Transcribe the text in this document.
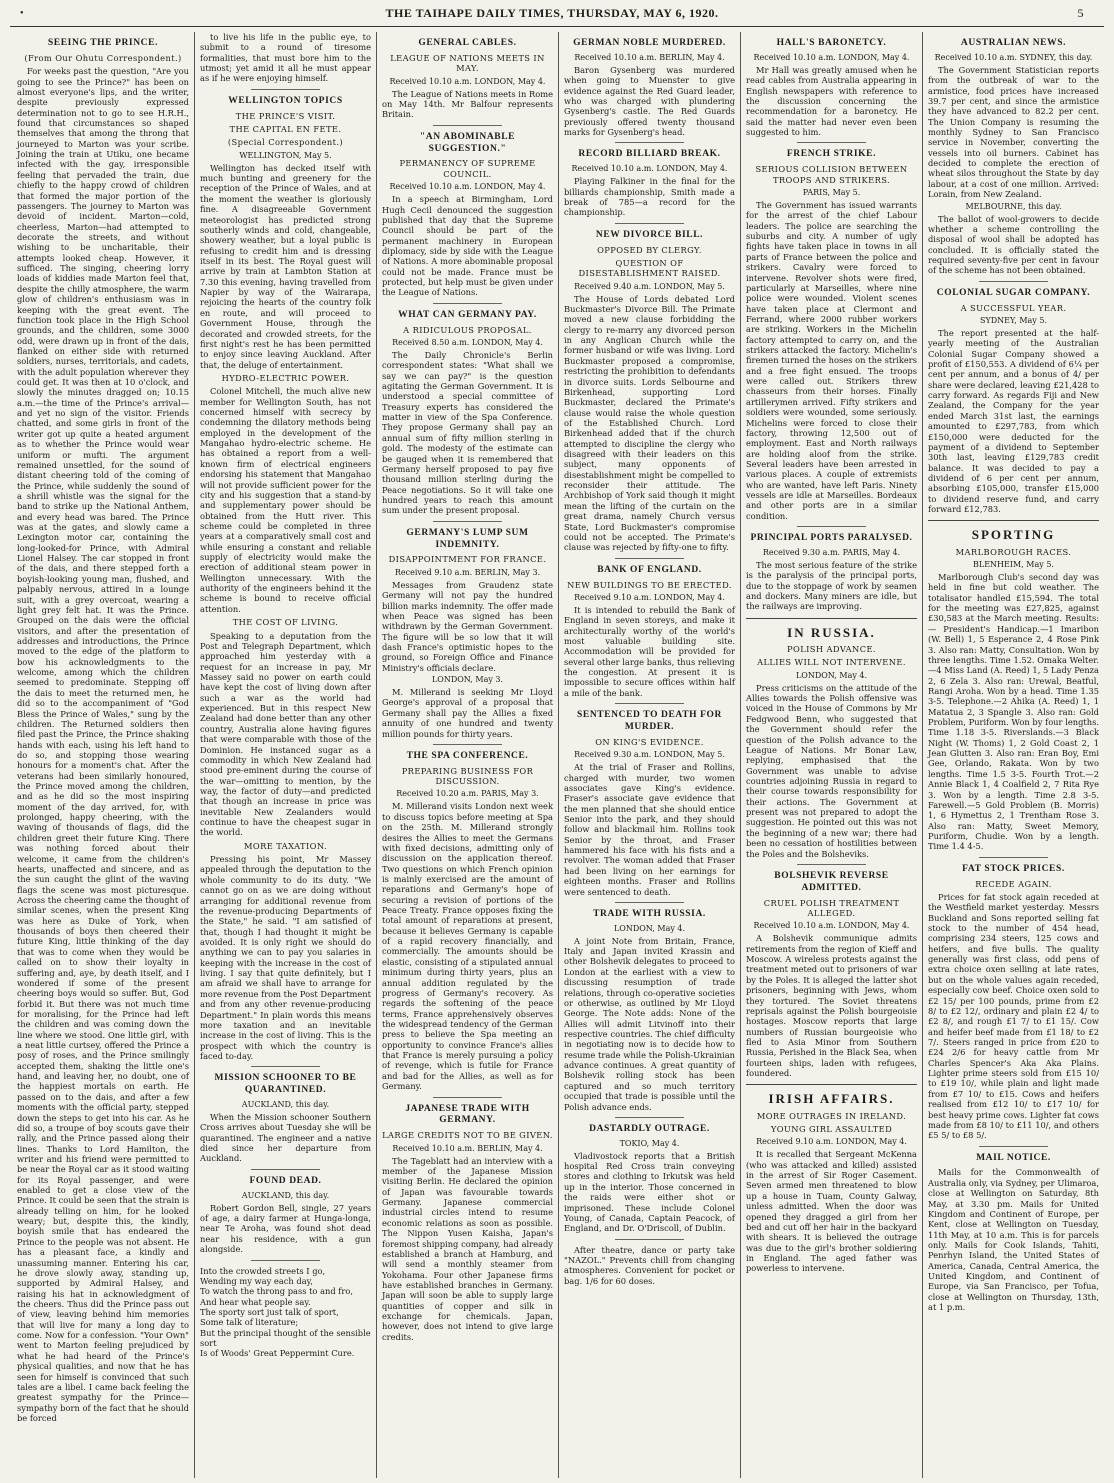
•	THE TAIHAPE DAILY TIMES, THURSDAY, MAY 6, 1920.	5
SEEING THE PRINCE.
(From Our Ohutu Correspondent.)

For weeks past the question, "Are you going to see the Prince?" has been on almost everyone's lips, and the writer, despite previously expressed determination not to go to see H.R.H., found that circumstances so shaped themselves that among the throng that journeyed to Marton was your scribe. Joining the train at Utiku, one became infected with the gay, irresponsible feeling that pervaded the train, due chiefly to the happy crowd of children that formed the major portion of the passengers. The journey to Marton was devoid of incident. Marton—cold, cheerless, Marton—had attempted to decorate the streets, and without wishing to be uncharitable, their attempts looked cheap. However, it sufficed. The singing, cheering lorry loads of kiddies made Marton feel that, despite the chilly atmosphere, the warm glow of children's enthusiasm was in keeping with the great event. The function took place in the High School grounds, and the children, some 3000 odd, were drawn up in front of the dais, flanked on either side with returned soldiers, nurses, territorials, and cadets, with the adult population wherever they could get. It was then at 10 o'clock, and slowly the minutes dragged on; 10.15 a.m.—the time of the Prince's arrival—and yet no sign of the visitor. Friends chatted, and some girls in front of the writer got up quite a heated argument as to whether the Prince would wear uniform or mufti. The argument remained unsettled, for the sound of distant cheering told of the coming of the Prince, while suddenly the sound of a shrill whistle was the signal for the band to strike up the National Anthem, and every head was bared. The Prince was at the gates, and slowly came a Lexington motor car, containing the long-looked-for Prince, with Admiral Lionel Halsey. The car stopped in front of the dais, and there stepped forth a boyish-looking young man, flushed, and palpably nervous, attired in a lounge suit, with a grey overcoat, wearing a light grey felt hat. It was the Prince. Grouped on the dais were the official visitors, and after the presentation of addresses and introductions, the Prince moved to the edge of the platform to bow his acknowledgments to the welcome, among which the children seemed to predominate. Stepping off the dais to meet the returned men, he did so to the accompaniment of "God Bless the Prince of Wales," sung by the children. The Returned soldiers then filed past the Prince, the Prince shaking hands with each, using his left hand to do so, and stopping those wearing honours for a moment's chat. After the veterans had been similarly honoured, the Prince moved among the children, and as he did so the most inspiring moment of the day arrived, for, with prolonged, happy cheering, with the waving of thousands of flags, did the children greet their future King. There was nothing forced about their welcome, it came from the children's hearts, unaffected and sincere, and as the sun caught the glint of the waving flags the scene was most picturesque. Across the cheering came the thought of similar scenes, when the present King was here as Duke of York, when thousands of boys then cheered their future King, little thinking of the day that was to come when they would be called on to show their loyalty in suffering and, aye, by death itself, and I wondered if some of the present cheering boys would so suffer. But, God forbid it. But there was not much time for moralising, for the Prince had left the children and was coming down the line where we stood. One little girl, with a neat little curtsey, offered the Prince a posy of roses, and the Prince smilingly accepted them, shaking the little one's hand, and leaving her, no doubt, one of the happiest mortals on earth. He passed on to the dais, and after a few moments with the official party, stepped down the steps to get into his car. As he did so, a troupe of boy scouts gave their rally, and the Prince passed along their lines. Thanks to Lord Hamilton, the writer and his friend were permitted to be near the Royal car as it stood waiting for its Royal passenger, and were enabled to get a close view of the Prince. It could be seen that the strain is already telling on him, for he looked weary; but, despite this, the kindly, boyish smile that has endeared the Prince to the people was not absent. He has a pleasant face, a kindly and unassuming manner. Entering his car, he drove slowly away, standing up, supported by Admiral Halsey, and raising his hat in acknowledgment of the cheers. Thus did the Prince pass out of view, leaving behind him memories that will live for many a long day to come. Now for a confession. "Your Own" went to Marton feeling prejudiced by what he had heard of the Prince's physical qualities, and now that he has seen for himself is convinced that such tales are a libel. I came back feeling the greatest sympathy for the Prince—sympathy born of the fact that he should be forced

to live his life in the public eye, to submit to a round of tiresome formalities, that must bore him to the utmost; yet amid it all he must appear as if he were enjoying himself.

WELLINGTON TOPICS
THE PRINCE'S VISIT.
THE CAPITAL EN FETE.
(Special Correspondent.)
WELLINGTON, May 5.

Wellington has decked itself with much bunting and greenery for the reception of the Prince of Wales, and at the moment the weather is gloriously fine. A disagreeable Government meteorologist has predicted strong southerly winds and cold, changeable, showery weather, but a loyal public is refusing to credit him and is dressing itself in its best. The Royal guest will arrive by train at Lambton Station at 7.30 this evening, having travelled from Napier by way of the Wairarapa, rejoicing the hearts of the country folk en route, and will proceed to Government House, through the decorated and crowded streets, for the first night's rest he has been permitted to enjoy since leaving Auckland. After that, the deluge of entertainment.

HYDRO-ELECTRIC POWER.

Colonel Mitchell, the much alive new member for Wellington South, has not concerned himself with secrecy by condemning the dilatory methods being employed in the development of the Mangahao hydro-electric scheme. He has obtained a report from a well-known firm of electrical engineers endorsing his statement that Mangahao will not provide sufficient power for the city and his suggestion that a stand-by and supplementary power should be obtained from the Hutt river. This scheme could be completed in three years at a comparatively small cost and while ensuring a constant and reliable supply of electricity would make the erection of additional steam power in Wellington unnecessary. With the authority of the engineers behind it the scheme is bound to receive official attention.

THE COST OF LIVING.

Speaking to a deputation from the Post and Telegraph Department, which approached him yesterday with a request for an increase in pay, Mr Massey said no power on earth could have kept the cost of living down after such a war as the world had experienced. But in this respect New Zealand had done better than any other country, Australia alone having figures that were comparable with those of the Dominion. He instanced sugar as a commodity in which New Zealand had stood pre-eminent during the course of the war—omitting to mention, by the way, the factor of duty—and predicted that though an increase in price was inevitable New Zealanders would continue to have the cheapest sugar in the world.

MORE TAXATION.

Pressing his point, Mr Massey appealed through the deputation to the whole community to do its duty. "We cannot go on as we are doing without arranging for additional revenue from the revenue-producing Departments of the State," he said. "I am satisfied of that, though I had thought it might be avoided. It is only right we should do anything we can to pay you salaries in keeping with the increase in the cost of living. I say that quite definitely, but I am afraid we shall have to arrange for more revenue from the Post Department and from any other revenue-producing Department." In plain words this means more taxation and an inevitable increase in the cost of living. This is the prospect with which the country is faced to-day.

MISSION SCHOONER TO BE QUARANTINED.
AUCKLAND, this day.

When the Mission schooner Southern Cross arrives about Tuesday she will be quarantined. The engineer and a native died since her departure from Auckland.

FOUND DEAD.
AUCKLAND, this day.

Robert Gordon Bell, single, 27 years of age, a dairy farmer at Hunga-longa, near Te Aroha, was found shot dead near his residence, with a gun alongside.

Into the crowded streets I go,

Wending my way each day,

To watch the throng pass to and fro,

And hear what people say.

The sporty sort just talk of sport,

Some talk of literature;

But the principal thought of the sensible sort

Is of Woods' Great Peppermint Cure.

GENERAL CABLES.
LEAGUE OF NATIONS MEETS IN MAY.
Received 10.10 a.m. LONDON, May 4.

The League of Nations meets in Rome on May 14th. Mr Balfour represents Britain.

"AN ABOMINABLE SUGGESTION."
PERMANENCY OF SUPREME COUNCIL.
Received 10.10 a.m. LONDON, May 4.

In a speech at Birmingham, Lord Hugh Cecil denounced the suggestion published that day that the Supreme Council should be part of the permanent machinery in European diplomacy, side by side with the League of Nations. A more abominable proposal could not be made. France must be protected, but help must be given under the League of Nations.

WHAT CAN GERMANY PAY.
A RIDICULOUS PROPOSAL.
Received 8.50 a.m. LONDON, May 4.

The Daily Chronicle's Berlin correspondent states: "What shall we say we can pay?" is the question agitating the German Government. It is understood a special committee of Treasury experts has considered the matter in view of the Spa Conference. They propose Germany shall pay an annual sum of fifty million sterling in gold. The modesty of the estimate can be gauged when it is remembered that Germany herself proposed to pay five thousand million sterling during the Peace negotiations. So it will take one hundred years to reach this amount sum under the present proposal.

GERMANY'S LUMP SUM INDEMNITY.
DISAPPOINTMENT FOR FRANCE.
Received 9.10 a.m. BERLIN, May 3.

Messages from Graudenz state Germany will not pay the hundred billion marks indemnity. The offer made when Peace was signed has been withdrawn by the German Government. The figure will be so low that it will dash France's optimistic hopes to the ground, so Foreign Office and Finance Ministry's officials declare.

LONDON, May 3.

M. Millerand is seeking Mr Lloyd George's approval of a proposal that Germany shall pay the Allies a fixed annuity of one hundred and twenty million pounds for thirty years.

THE SPA CONFERENCE.
PREPARING BUSINESS FOR DISCUSSION.
Received 10.20 a.m. PARIS, May 3.

M. Millerand visits London next week to discuss topics before meeting at Spa on the 25th. M. Millerand strongly desires the Allies to meet the Germans with fixed decisions, admitting only of discussion on the application thereof. Two questions on which French opinion is mainly exercised are the amount of reparations and Germany's hope of securing a revision of portions of the Peace Treaty. France opposes fixing the total amount of reparations at present, because it believes Germany is capable of a rapid recovery financially, and commercially. The amounts should be elastic, consisting of a stipulated annual minimum during thirty years, plus an annual addition regulated by the progress of Germany's recovery. As regards the softening of the peace terms, France apprehensively observes the widespread tendency of the German press to believe the Spa meeting an opportunity to convince France's allies that France is merely pursuing a policy of revenge, which is futile for France and bad for the Allies, as well as for Germany.

JAPANESE TRADE WITH GERMANY.
LARGE CREDITS NOT TO BE GIVEN.
Received 10.10 a.m. BERLIN, May 4.

The Tageblatt had an interview with a member of the Japanese Mission visiting Berlin. He declared the opinion of Japan was favourable towards Germany. Japanese commercial industrial circles intend to resume economic relations as soon as possible. The Nippon Yusen Kaisha, Japan's foremost shipping company, had already established a branch at Hamburg, and will send a monthly steamer from Yokohama. Four other Japanese firms have established branches in Germany. Japan will soon be able to supply large quantities of copper and silk in exchange for chemicals. Japan, however, does not intend to give large credits.

GERMAN NOBLE MURDERED.
Received 10.10 a.m. BERLIN, May 4.

Baron Gysenberg was murdered when going to Muenster to give evidence against the Red Guard leader, who was charged with plundering Gysenberg's castle. The Red Guards previously offered twenty thousand marks for Gysenberg's head.

RECORD BILLIARD BREAK.
Received 10.10 a.m. LONDON, May 4.

Playing Falkiner in the final for the billiards championship, Smith made a break of 785—a record for the championship.

NEW DIVORCE BILL.
OPPOSED BY CLERGY.
QUESTION OF DISESTABLISHMENT RAISED.
Received 9.40 a.m. LONDON, May 5.

The House of Lords debated Lord Buckmaster's Divorce Bill. The Primate moved a new clause forbidding the clergy to re-marry any divorced person in any Anglican Church while the former husband or wife was living. Lord Buckmaster proposed a compromise, restricting the prohibition to defendants in divorce suits. Lords Selbourne and Birkenhead, supporting Lord Buckmaster, declared the Primate's clause would raise the whole question of the Established Church. Lord Birkenhead added that if the church attempted to discipline the clergy who disagreed with their leaders on this subject, many opponents of disestablishment might be compelled to reconsider their attitude. The Archbishop of York said though it might mean the lifting of the curtain on the great drama, namely Church versus State, Lord Buckmaster's compromise could not be accepted. The Primate's clause was rejected by fifty-one to fifty.

BANK OF ENGLAND.
NEW BUILDINGS TO BE ERECTED.
Received 9.10 a.m. LONDON, May 4.

It is intended to rebuild the Bank of England in seven storeys, and make it architecturally worthy of the world's most valuable building site. Accommodation will be provided for several other large banks, thus relieving the congestion. At present it is impossible to secure offices within half a mile of the bank.

SENTENCED TO DEATH FOR MURDER.
ON KING'S EVIDENCE.
Received 9.30 a.m. LONDON, May 5.

At the trial of Fraser and Rollins, charged with murder, two women associates gave King's evidence. Fraser's associate gave evidence that the men planned that she should entice Senior into the park, and they should follow and blackmail him. Rollins took Senior by the throat, and Fraser hammered his face with his fists and a revolver. The woman added that Fraser had been living on her earnings for eighteen months. Fraser and Rollins were sentenced to death.

TRADE WITH RUSSIA.
LONDON, May 4.

A joint Note from Britain, France, Italy and Japan invited Krassin and other Bolshevik delegates to proceed to London at the earliest with a view to discussing resumption of trade relations, through co-operative societies or otherwise, as outlined by Mr Lloyd George. The Note adds: None of the Allies will admit Litvinoff into their respective countries. The chief difficulty in negotiating now is to decide how to resume trade while the Polish-Ukrainian advance continues. A great quantity of Bolshevik rolling stock has been captured and so much territory occupied that trade is possible until the Polish advance ends.

DASTARDLY OUTRAGE.
TOKIO, May 4.

Vladivostock reports that a British hospital Red Cross train conveying stores and clothing to Irkutsk was held up in the interior. Those concerned in the raids were either shot or imprisoned. These include Colonel Young, of Canada, Captain Peacock, of England, and Dr. O'Driscoll, of Dublin.

After theatre, dance or party take "NAZOL." Prevents chill from changing atmospheres. Convenient for pocket or bag. 1/6 for 60 doses.

HALL'S BARONETCY.
Received 10.10 a.m. LONDON, May 4.

Mr Hall was greatly amused when he read cables from Australia appearing in English newspapers with reference to the discussion concerning the recommendation for a baronetcy. He said the matter had never even been suggested to him.

FRENCH STRIKE.
SERIOUS COLLISION BETWEEN TROOPS AND STRIKERS.
PARIS, May 5.

The Government has issued warrants for the arrest of the chief Labour leaders. The police are searching the suburbs and city. A number of ugly fights have taken place in towns in all parts of France between the police and strikers. Cavalry were forced to intervene. Revolver shots were fired, particularly at Marseilles, where nine police were wounded. Violent scenes have taken place at Clermont and Ferrand, where 2000 rubber workers are striking. Workers in the Michelin factory attempted to carry on, and the strikers attacked the factory. Michelin's firemen turned the hoses on the strikers and a free fight ensued. The troops were called out. Strikers threw chasseurs from their horses. Finally artillerymen arrived. Fifty strikers and soldiers were wounded, some seriously. Michelins were forced to close their factory, throwing 12,500 out of employment. East and North railways are holding aloof from the strike. Several leaders have been arrested in various places. A couple of extremists who are wanted, have left Paris. Ninety vessels are idle at Marseilles. Bordeaux and other ports are in a similar condition.

PRINCIPAL PORTS PARALYSED.
Received 9.30 a.m. PARIS, May 4.

The most serious feature of the strike is the paralysis of the principal ports, due to the stoppage of work by seamen and dockers. Many miners are idle, but the railways are improving.

IN RUSSIA.
POLISH ADVANCE.
ALLIES WILL NOT INTERVENE.
LONDON, May 4.

Press criticisms on the attitude of the Allies towards the Polish offensive was voiced in the House of Commons by Mr Fedgwood Benn, who suggested that the Government should refer the question of the Polish advance to the League of Nations. Mr Bonar Law, replying, emphasised that the Government was unable to advise countries adjoining Russia in regard to their course towards responsibility for their actions. The Government at present was not prepared to adopt the suggestion. He pointed out this was not the beginning of a new war; there had been no cessation of hostilities between the Poles and the Bolsheviks.

BOLSHEVIK REVERSE ADMITTED.
CRUEL POLISH TREATMENT ALLEGED.
Received 10.10 a.m. LONDON, May 4.

A Bolshevik communique admits retirements from the region of Kieff and Moscow. A wireless protests against the treatment meted out to prisoners of war by the Poles. It is alleged the latter shot prisoners, beginning with Jews, whom they tortured. The Soviet threatens reprisals against the Polish bourgeoisie hostages. Moscow reports that large numbers of Russian bourgeoisie who fled to Asia Minor from Southern Russia, Perished in the Black Sea, when fourteen ships, laden with refugees, foundered.

IRISH AFFAIRS.
MORE OUTRAGES IN IRELAND.
YOUNG GIRL ASSAULTED
Received 9.10 a.m. LONDON, May 4.

It is recalled that Sergeant McKenna (who was attacked and killed) assisted in the arrest of Sir Roger Casement. Seven armed men threatened to blow up a house in Tuam, County Galway, unless admitted. When the door was opened they dragged a girl from her bed and cut off her hair in the backyard with shears. It is believed the outrage was due to the girl's brother soldiering in England. The aged father was powerless to intervene.

AUSTRALIAN NEWS.
Received 10.10 a.m. SYDNEY, this day.

The Government Statistician reports from the outbreak of war to the armistice, food prices have increased 39.7 per cent, and since the armistice they have advanced to 82.2 per cent. The Union Company is resuming the monthly Sydney to San Francisco service in November, converting the vessels into oil burners. Cabinet has decided to complete the erection of wheat silos throughout the State by day labour, at a cost of one million. Arrived: Lorain, from New Zealand.

MELBOURNE, this day.

The ballot of wool-growers to decide whether a scheme controlling the disposal of wool shall be adopted has concluded. It is officially stated the required seventy-five per cent in favour of the scheme has not been obtained.

COLONIAL SUGAR COMPANY.
A SUCCESSFUL YEAR.
SYDNEY, May 5.

The report presented at the half-yearly meeting of the Australian Colonial Sugar Company showed a profit of £150,553. A dividend of 6¼ per cent per annum, and a bonus of 4/ per share were declared, leaving £21,428 to carry forward. As regards Fiji and New Zealand, the Company for the year ended March 31st last, the earnings amounted to £297,783, from which £150,000 were deducted for the payment of a dividend to September 30th last, leaving £129,783 credit balance. It was decided to pay a dividend of 6 per cent per annum, absorbing £105,000, transfer £15,000 to dividend reserve fund, and carry forward £12,783.

SPORTING
MARLBOROUGH RACES.
BLENHEIM, May 5.

Marlborough Club's second day was held in fine but cold weather. The totalisator handled £15,594. The total for the meeting was £27,825, against £30,583 at the March meeting. Results:— President's Handicap.—1 Imaribon (W. Bell) 1, 5 Esperance 2, 4 Rose Pink 3. Also ran: Matty, Consultation. Won by three lengths. Time 1.52. Omaka Welter.—4 Miss Land (A. Reed) 1, 5 Lady Penza 2, 6 Zela 3. Also ran: Urewal, Beatful, Rangi Aroha. Won by a head. Time 1.35 3-5. Telephone.—2 Ahika (A. Reed) 1, 1 Matatua 2, 3 Spangle 3. Also ran: Gold Problem, Puriform. Won by four lengths. Time 1.18 3-5. Riverslands.—3 Black Night (W. Thoms) 1, 2 Gold Coast 2, 1 Jean Glutten 3. Also ran: Eran Boy, Emi Gee, Orlando, Rakata. Won by two lengths. Time 1.5 3-5. Fourth Trot.—2 Annie Black 1, 4 Coalfield 2, 7 Rita Rye 3. Won by a length. Time 2.8 3-5. Farewell.—5 Gold Problem (B. Morris) 1, 6 Hymettus 2, 1 Trentham Rose 3. Also ran: Matty, Sweet Memory, Puriform, Chudie. Won by a length. Time 1.4 4-5.

FAT STOCK PRICES.
RECEDE AGAIN.

Prices for fat stock again receded at the Westfield market yesterday. Messrs Buckland and Sons reported selling fat stock to the number of 454 head, comprising 234 steers, 125 cows and heifers, and five bulls. The quality generally was first class, odd pens of extra choice oxen selling at late rates, but on the whole values again receded, especially cow beef. Choice oxen sold to £2 15/ per 100 pounds, prime from £2 8/ to £2 12/, ordinary and plain £2 4/ to £2 8/, and rough £1 7/ to £1 15/. Cow and heifer beef made from £1 18/ to £2 7/. Steers ranged in price from £20 to £24 2/6 for heavy cattle from Mr Charles Spencer's Aka Aka Plains. Lighter prime steers sold from £15 10/ to £19 10/, while plain and light made from £7 10/ to £15. Cows and heifers realised from £12 10/ to £17 10/ for best heavy prime cows. Lighter fat cows made from £8 10/ to £11 10/, and others £5 5/ to £8 5/.

MAIL NOTICE.

Mails for the Commonwealth of Australia only, via Sydney, per Ulimaroa, close at Wellington on Saturday, 8th May, at 3.30 pm. Mails for United Kingdom and Continent of Europe, per Kent, close at Wellington on Tuesday, 11th May, at 10 a.m. This is for parcels only. Mails for Cook Islands, Tahiti, Penrhyn Island, the United States of America, Canada, Central America, the United Kingdom, and Continent of Europe, via San Francisco, per Tofua, close at Wellington on Thursday, 13th, at 1 p.m.
